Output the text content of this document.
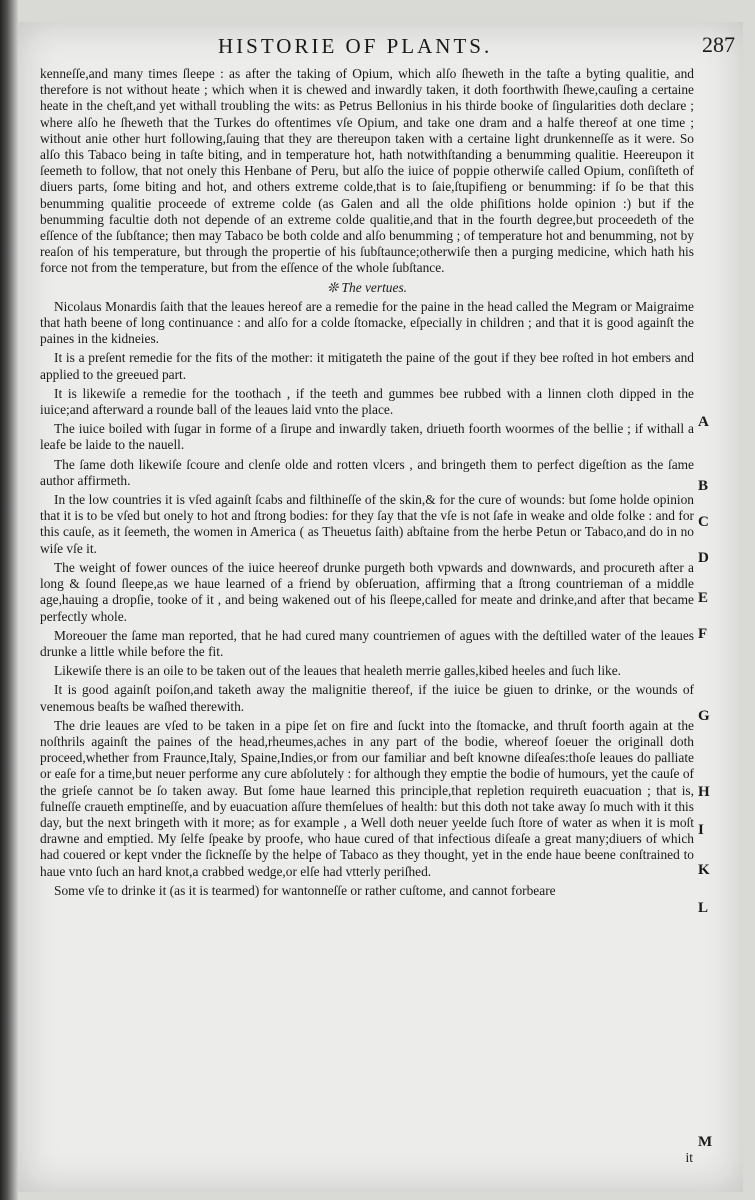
HISTORIE OF PLANTS.	287

kenneſſe,and many times ſleepe : as after the taking of Opium, which alſo ſheweth in the taſte a byting qualitie, and therefore is not without heate ; which when it is chewed and inwardly taken, it doth foorthwith ſhewe,cauſing a certaine heate in the cheſt,and yet withall troubling the wits: as Petrus Bellonius in his thirde booke of ſingularities doth declare ; where alſo he ſheweth that the Turkes do oftentimes vſe Opium, and take one dram and a halfe thereof at one time ; without anie other hurt following,ſauing that they are thereupon taken with a certaine light drunkenneſſe as it were. So alſo this Tabaco being in taſte biting, and in temperature hot, hath notwithſtanding a benumming qualitie. Heereupon it ſeemeth to follow, that not onely this Henbane of Peru, but alſo the iuice of poppie otherwiſe called Opium, conſiſteth of diuers parts, ſome biting and hot, and others extreme colde,that is to ſaie,ſtupifieng or benumming: if ſo be that this benumming qualitie proceede of extreme colde (as Galen and all the olde phiſitions holde opinion :) but if the benumming facultie doth not depende of an extreme colde qualitie,and that in the fourth degree,but proceedeth of the eſſence of the ſubſtance; then may Tabaco be both colde and alſo benumming ; of temperature hot and benumming, not by reaſon of his temperature, but through the propertie of his ſubſtaunce;otherwiſe then a purging medicine, which hath his force not from the temperature, but from the eſſence of the whole ſubſtance.

❊ The vertues.

Nicolaus Monardis ſaith that the leaues hereof are a remedie for the paine in the head called the Megram or Maigraime that hath beene of long continuance : and alſo for a colde ſtomacke, eſpecially in children ; and that it is good againſt the paines in the kidneies.

It is a preſent remedie for the fits of the mother: it mitigateth the paine of the gout if they bee roſted in hot embers and applied to the greeued part.

It is likewiſe a remedie for the toothach , if the teeth and gummes bee rubbed with a linnen cloth dipped in the iuice;and afterward a rounde ball of the leaues laid vnto the place.

The iuice boiled with ſugar in forme of a ſirupe and inwardly taken, driueth foorth woormes of the bellie ; if withall a leafe be laide to the nauell.

The ſame doth likewiſe ſcoure and clenſe olde and rotten vlcers , and bringeth them to perfect digeſtion as the ſame author affirmeth.

In the low countries it is vſed againſt ſcabs and filthineſſe of the skin,& for the cure of wounds: but ſome holde opinion that it is to be vſed but onely to hot and ſtrong bodies: for they ſay that the vſe is not ſafe in weake and olde folke : and for this cauſe, as it ſeemeth, the women in America ( as Theuetus ſaith) abſtaine from the herbe Petun or Tabaco,and do in no wiſe vſe it.

The weight of fower ounces of the iuice heereof drunke purgeth both vpwards and downwards, and procureth after a long & ſound ſleepe,as we haue learned of a friend by obſeruation, affirming that a ſtrong countrieman of a middle age,hauing a dropſie, tooke of it , and being wakened out of his ſleepe,called for meate and drinke,and after that became perfectly whole.

Moreouer the ſame man reported, that he had cured many countriemen of agues with the deſtilled water of the leaues drunke a little while before the fit.

Likewiſe there is an oile to be taken out of the leaues that healeth merrie galles,kibed heeles and ſuch like.

It is good againſt poiſon,and taketh away the malignitie thereof, if the iuice be giuen to drinke, or the wounds of venemous beaſts be waſhed therewith.

The drie leaues are vſed to be taken in a pipe ſet on fire and ſuckt into the ſtomacke, and thruſt foorth again at the noſthrils againſt the paines of the head,rheumes,aches in any part of the bodie, whereof ſoeuer the originall doth proceed,whether from Fraunce,Italy, Spaine,Indies,or from our familiar and beſt knowne diſeaſes:thoſe leaues do palliate or eaſe for a time,but neuer performe any cure abſolutely : for although they emptie the bodie of humours, yet the cauſe of the grieſe cannot be ſo taken away. But ſome haue learned this principle,that repletion requireth euacuation ; that is, fulneſſe craueth emptineſſe, and by euacuation aſſure themſelues of health: but this doth not take away ſo much with it this day, but the next bringeth with it more; as for example , a Well doth neuer yeelde ſuch ſtore of water as when it is moſt drawne and emptied. My ſelfe ſpeake by proofe, who haue cured of that infectious diſeaſe a great many;diuers of which had couered or kept vnder the ſickneſſe by the helpe of Tabaco as they thought, yet in the ende haue beene conſtrained to haue vnto ſuch an hard knot,a crabbed wedge,or elſe had vtterly periſhed.

Some vſe to drinke it (as it is tearmed) for wantonneſſe or rather cuſtome, and cannot forbeare

A
B
C
D
E
F
G
H
I
K
L
M
it
